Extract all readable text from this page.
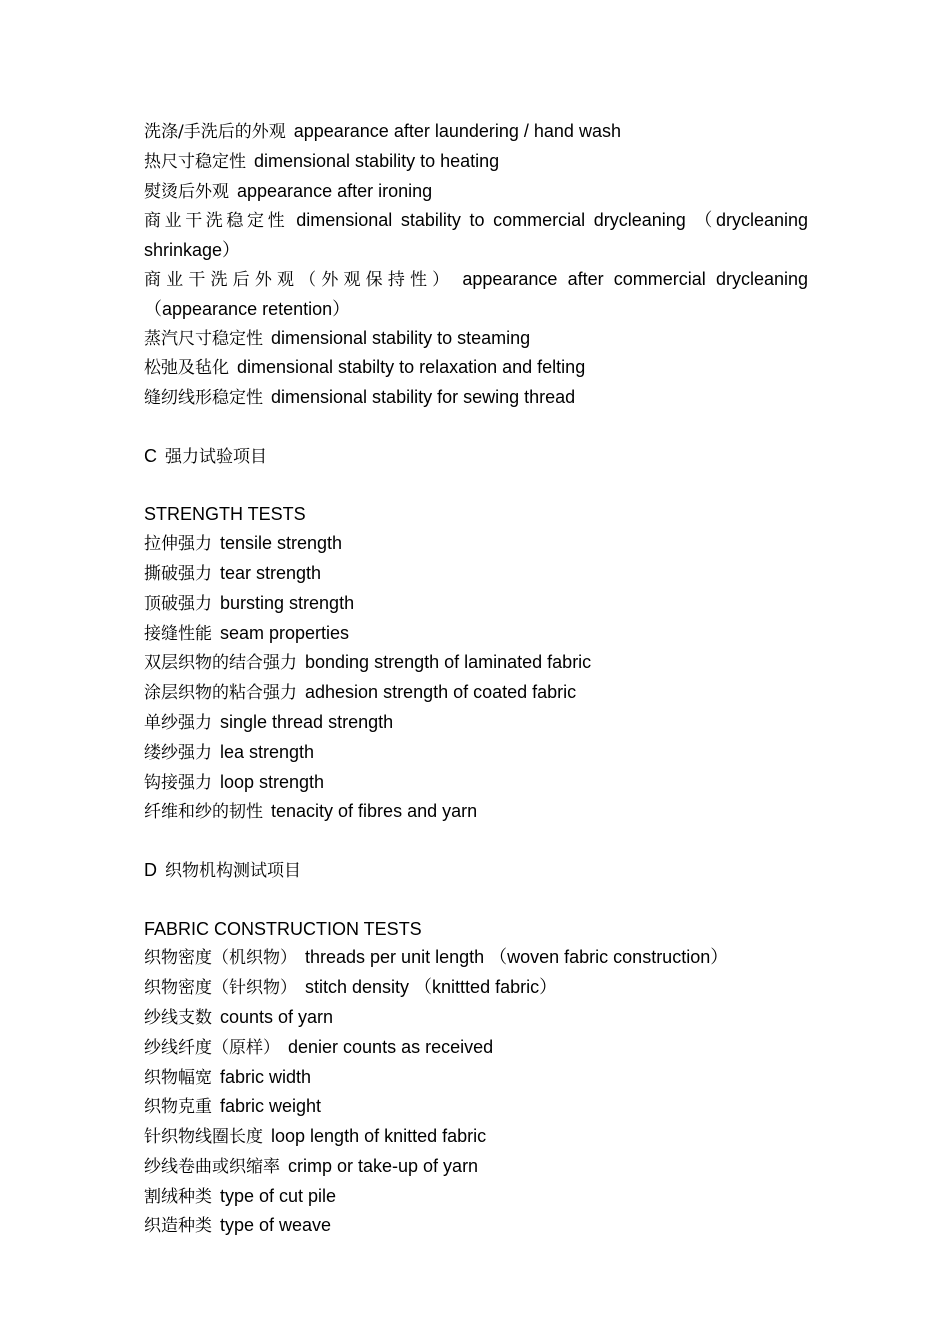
洗涤/手洗后的外观 appearance after laundering / hand wash

热尺寸稳定性 dimensional stability to heating

熨烫后外观 appearance after ironing

商业干洗稳定性 dimensional stability to commercial drycleaning （drycleaning shrinkage）

商业干洗后外观（外观保持性） appearance after commercial drycleaning （appearance retention）

蒸汽尺寸稳定性 dimensional stability to steaming

松弛及毡化 dimensional stabilty to relaxation and felting

缝纫线形稳定性 dimensional stability for sewing thread

C 强力试验项目

STRENGTH TESTS

拉伸强力 tensile strength

撕破强力 tear strength

顶破强力 bursting strength

接缝性能 seam properties

双层织物的结合强力 bonding strength of laminated fabric

涂层织物的粘合强力 adhesion strength of coated fabric

单纱强力 single thread strength

缕纱强力 lea strength

钩接强力 loop strength

纤维和纱的韧性 tenacity of fibres and yarn

D 织物机构测试项目

FABRIC CONSTRUCTION TESTS

织物密度（机织物） threads per unit length （woven fabric construction）

织物密度（针织物） stitch density （knittted fabric）

纱线支数 counts of yarn

纱线纤度（原样） denier counts as received

织物幅宽 fabric width

织物克重 fabric weight

针织物线圈长度 loop length of knitted fabric

纱线卷曲或织缩率 crimp or take-up of yarn

割绒种类 type of cut pile

织造种类 type of weave
